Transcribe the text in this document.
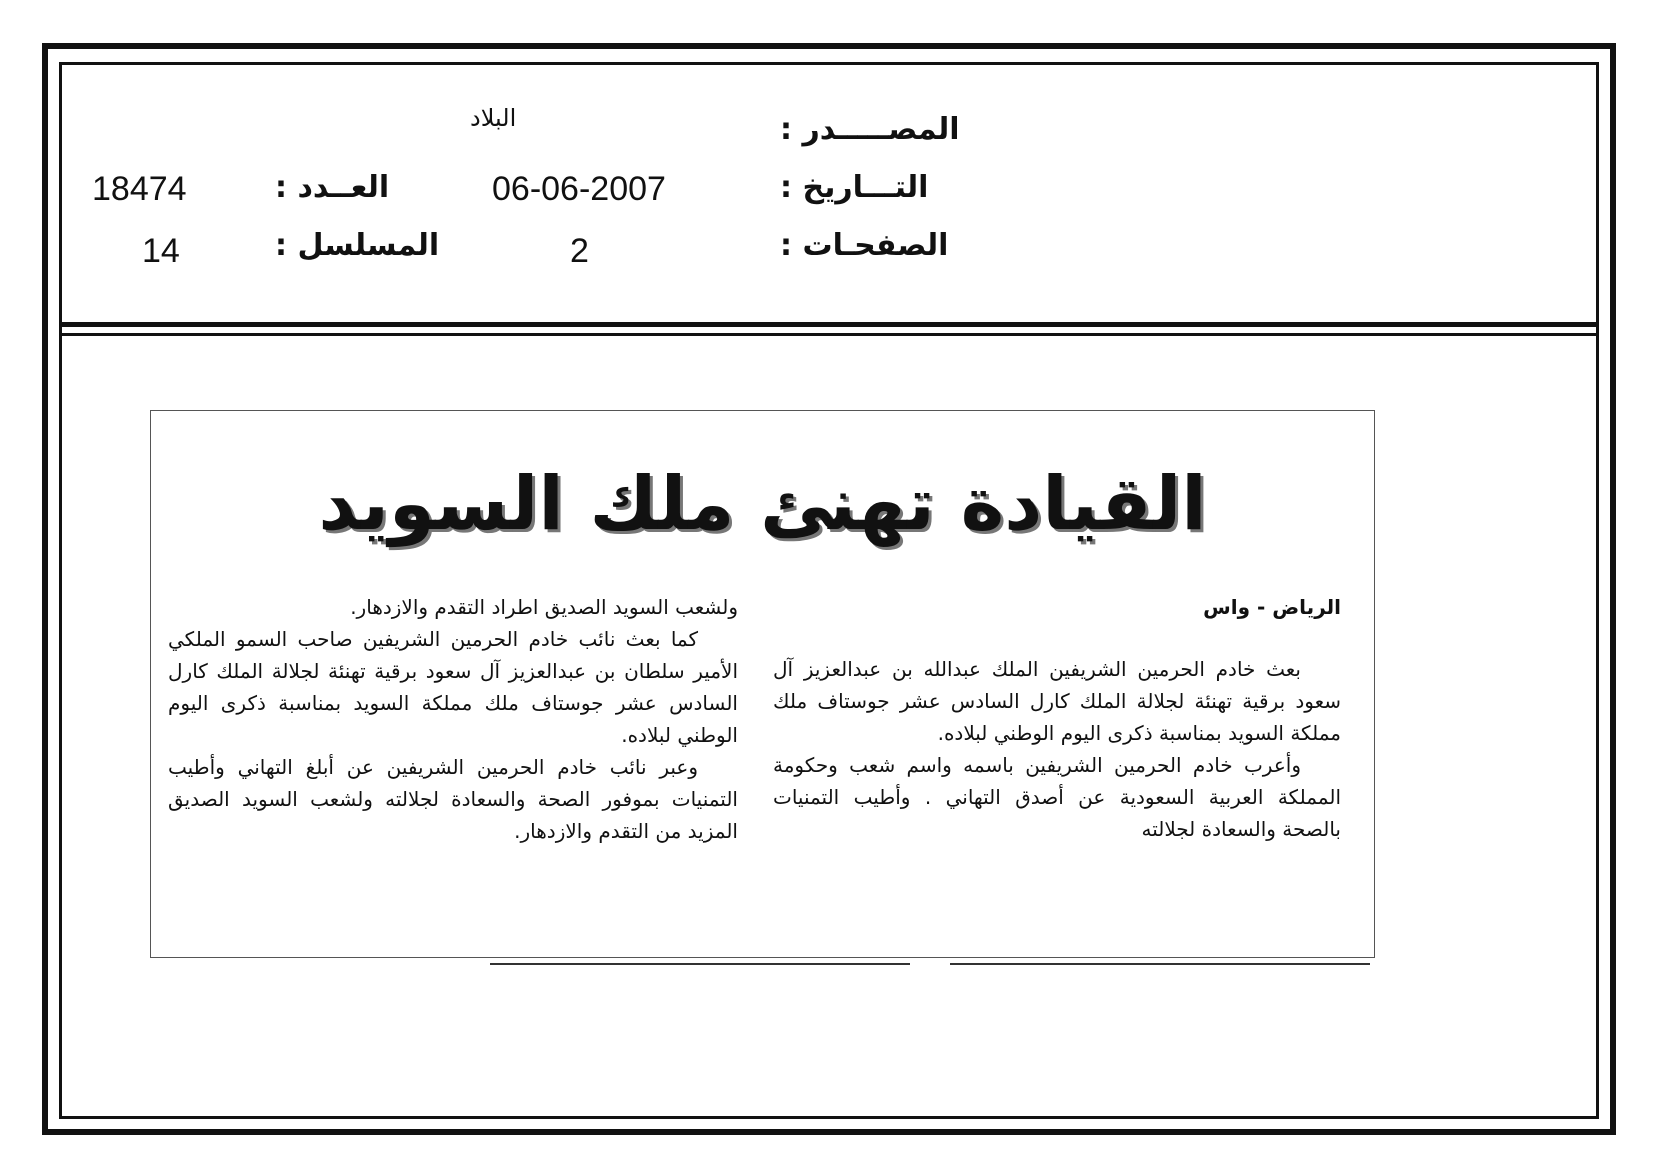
المصـــــدر :
البلاد
التـــاريخ :
06-06-2007
الصفحـات :
2
العــدد :
18474
المسلسل :
14
القيادة تهنئ ملك السويد

الرياض - واس

بعث خادم الحرمين الشريفين الملك عبدالله بن عبدالعزيز آل سعود برقية تهنئة لجلالة الملك كارل السادس عشر جوستاف ملك مملكة السويد بمناسبة ذكرى اليوم الوطني لبلاده.

وأعرب خادم الحرمين الشريفين باسمه واسم شعب وحكومة المملكة العربية السعودية عن أصدق التهاني . وأطيب التمنيات بالصحة والسعادة لجلالته

ولشعب السويد الصديق اطراد التقدم والازدهار.

كما بعث نائب خادم الحرمين الشريفين صاحب السمو الملكي الأمير سلطان بن عبدالعزيز آل سعود برقية تهنئة لجلالة الملك كارل السادس عشر جوستاف ملك مملكة السويد بمناسبة ذكرى اليوم الوطني لبلاده.

وعبر نائب خادم الحرمين الشريفين عن أبلغ التهاني وأطيب التمنيات بموفور الصحة والسعادة لجلالته ولشعب السويد الصديق المزيد من التقدم والازدهار.
